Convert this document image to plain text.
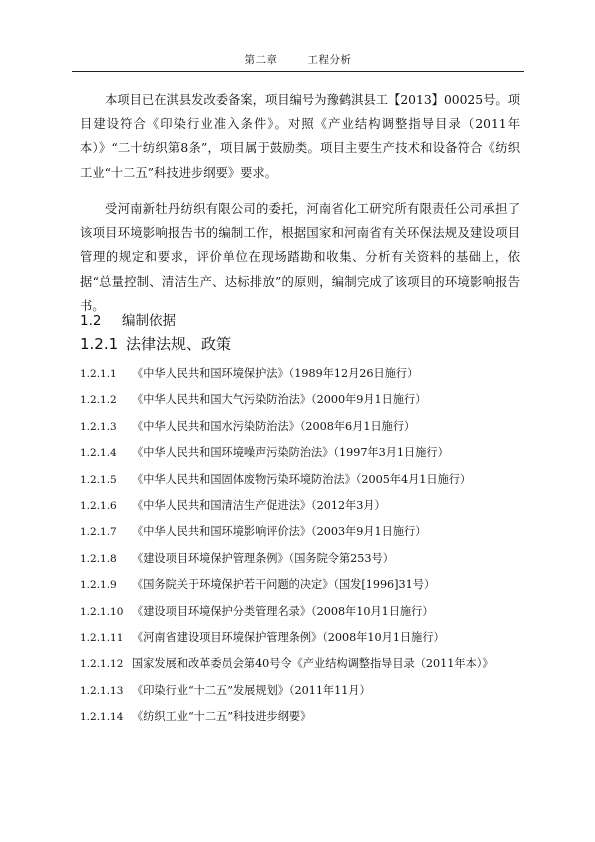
第二章	工程分析

本项目已在淇县发改委备案，项目编号为豫鹤淇县工【2013】00025号。项目建设符合《印染行业准入条件》。对照《产业结构调整指导目录（2011年本）》“二十纺织第8条”，项目属于鼓励类。项目主要生产技术和设备符合《纺织工业“十二五”科技进步纲要》要求。

受河南新牡丹纺织有限公司的委托，河南省化工研究所有限责任公司承担了该项目环境影响报告书的编制工作，根据国家和河南省有关环保法规及建设项目管理的规定和要求，评价单位在现场踏勘和收集、分析有关资料的基础上，依据“总量控制、清洁生产、达标排放”的原则，编制完成了该项目的环境影响报告书。

1.2 编制依据
1.2.1 法律法规、政策
1.2.1.1 《中华人民共和国环境保护法》（1989年12月26日施行）
1.2.1.2 《中华人民共和国大气污染防治法》（2000年9月1日施行）
1.2.1.3 《中华人民共和国水污染防治法》（2008年6月1日施行）
1.2.1.4 《中华人民共和国环境噪声污染防治法》（1997年3月1日施行）
1.2.1.5 《中华人民共和国固体废物污染环境防治法》（2005年4月1日施行）
1.2.1.6 《中华人民共和国清洁生产促进法》（2012年3月）
1.2.1.7 《中华人民共和国环境影响评价法》（2003年9月1日施行）
1.2.1.8 《建设项目环境保护管理条例》（国务院令第253号）
1.2.1.9 《国务院关于环境保护若干问题的决定》（国发[1996]31号）
1.2.1.10 《建设项目环境保护分类管理名录》（2008年10月1日施行）
1.2.1.11 《河南省建设项目环境保护管理条例》（2008年10月1日施行）
1.2.1.12 国家发展和改革委员会第40号令《产业结构调整指导目录（2011年本）》
1.2.1.13 《印染行业“十二五”发展规划》（2011年11月）
1.2.1.14 《纺织工业“十二五”科技进步纲要》
